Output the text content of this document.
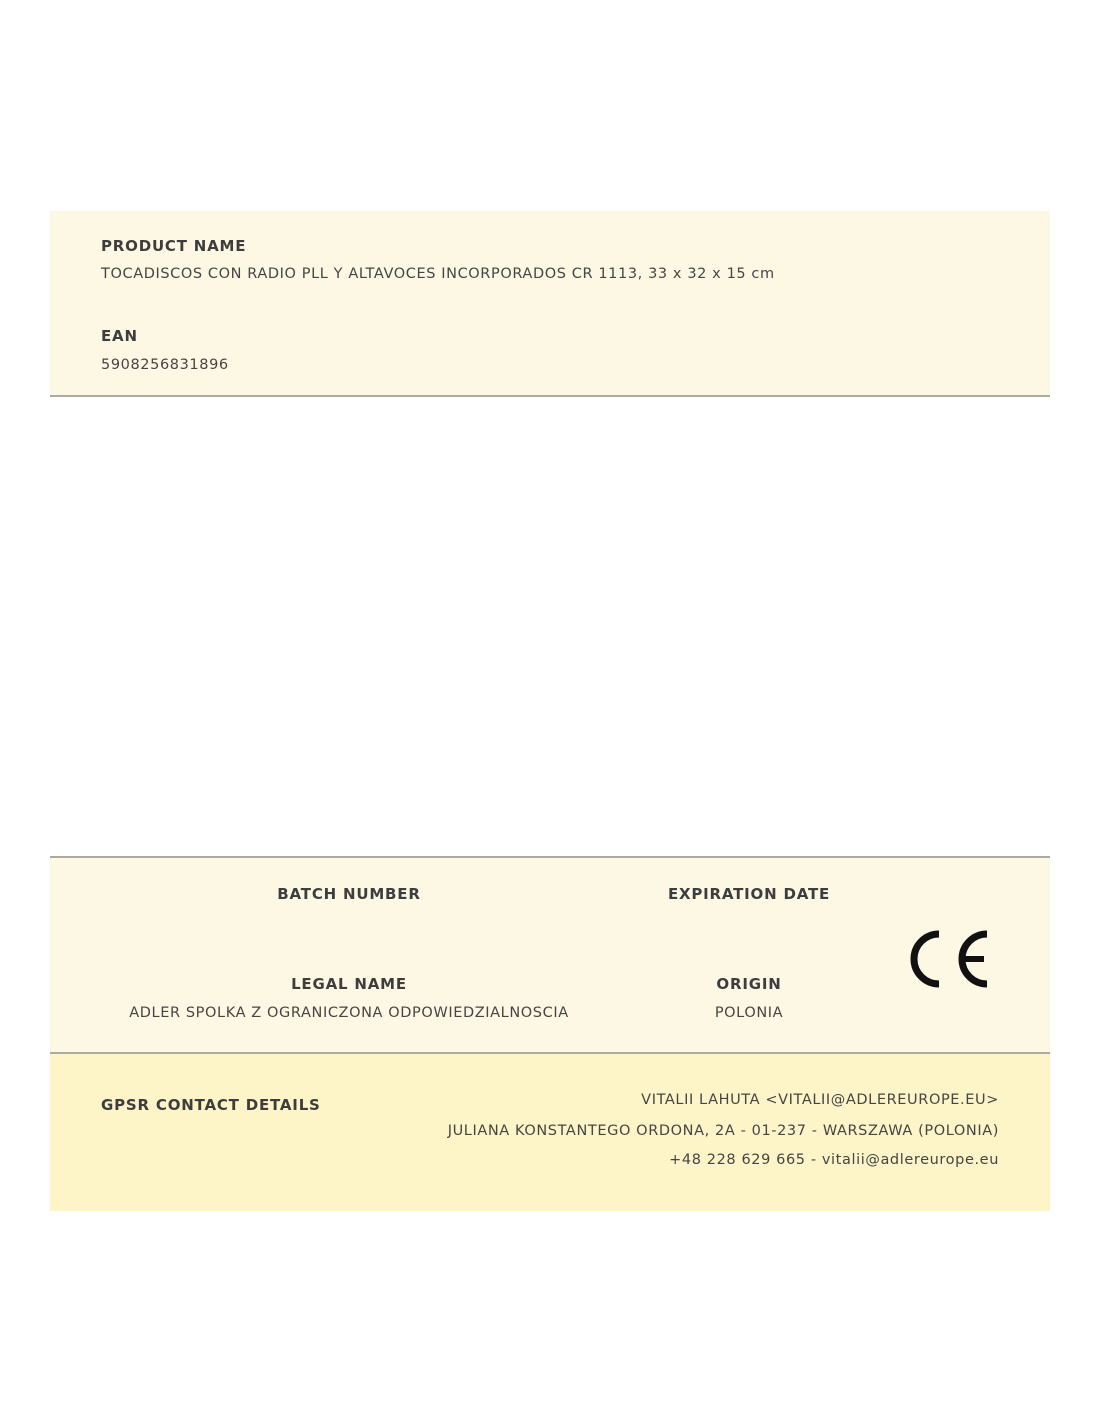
PRODUCT NAME
TOCADISCOS CON RADIO PLL Y ALTAVOCES INCORPORADOS CR 1113, 33 x 32 x 15 cm
EAN
5908256831896
BATCH NUMBER	EXPIRATION DATE
LEGAL NAME
ADLER SPOLKA Z OGRANICZONA ODPOWIEDZIALNOSCIA
ORIGIN
POLONIA
GPSR CONTACT DETAILS	VITALII LAHUTA <VITALII@ADLEREUROPE.EU>
JULIANA KONSTANTEGO ORDONA, 2A - 01-237 - WARSZAWA (POLONIA)
+48 228 629 665 - vitalii@adlereurope.eu
